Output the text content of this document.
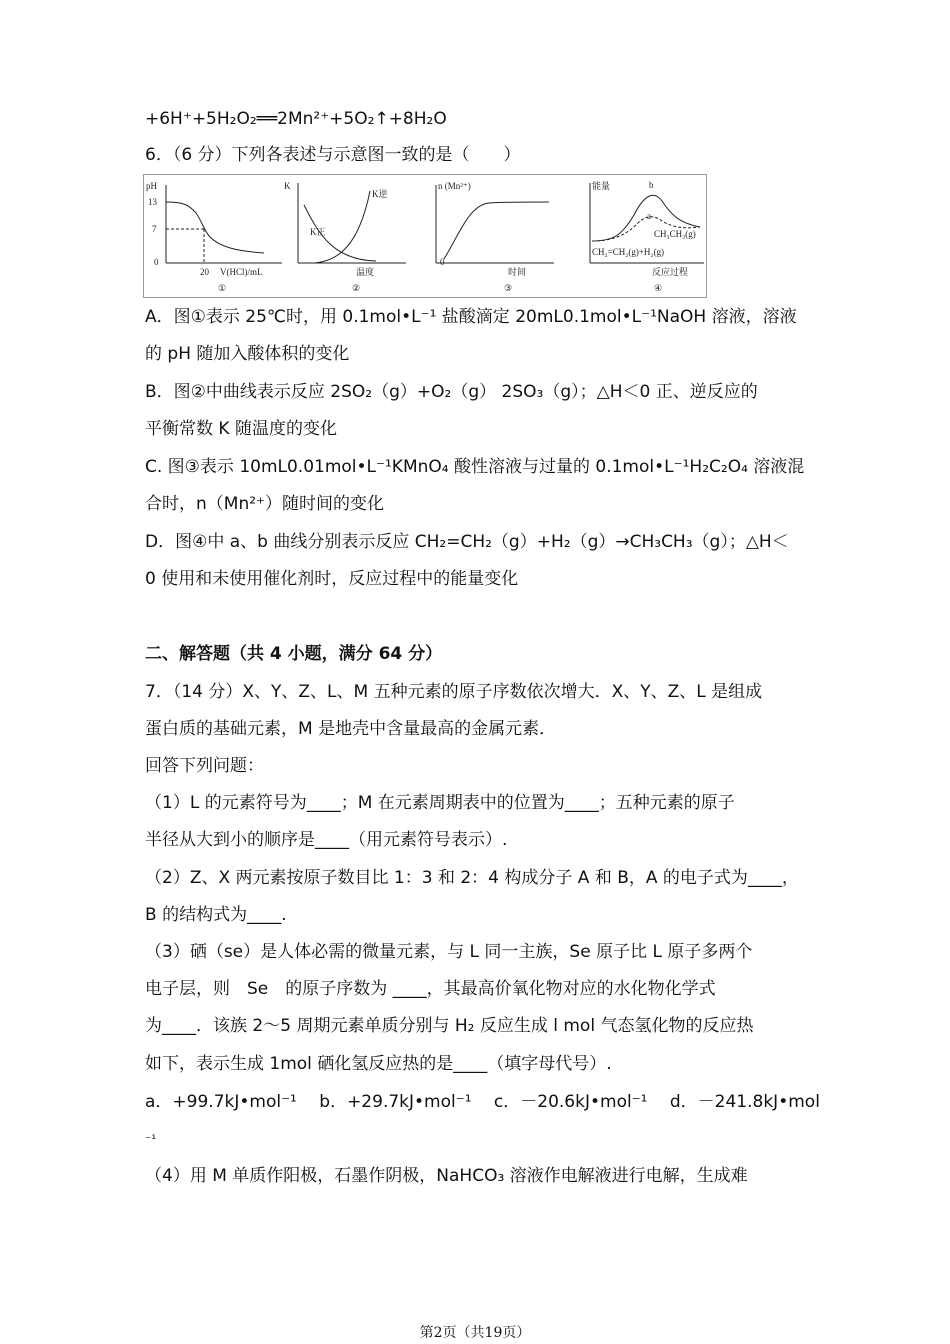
+6H⁺+5H₂O₂══2Mn²⁺+5O₂↑+8H₂O
6．（6 分）下列各表述与示意图一致的是（　　）
pH
13
7
0
20 V(HCl)/mL
①
K
K正
K逆
温度
②
n (Mn²⁺)
0
时间
③
能量	b
a
CH₃CH₃(g)
CH₂=CH₂(g)+H₂(g)
反应过程
④
A．图①表示 25℃时，用 0.1mol•L⁻¹ 盐酸滴定 20mL0.1mol•L⁻¹NaOH 溶液，溶液
的 pH 随加入酸体积的变化
B．图②中曲线表示反应 2SO₂（g）+O₂（g） 2SO₃（g）；△H＜0 正、逆反应的
平衡常数 K 随温度的变化
C. 图③表示 10mL0.01mol•L⁻¹KMnO₄ 酸性溶液与过量的 0.1mol•L⁻¹H₂C₂O₄ 溶液混
合时，n（Mn²⁺）随时间的变化
D．图④中 a、b 曲线分别表示反应 CH₂=CH₂（g）+H₂（g）→CH₃CH₃（g）；△H＜
0 使用和未使用催化剂时，反应过程中的能量变化
二、解答题（共 4 小题，满分 64 分）
7．（14 分）X、Y、Z、L、M 五种元素的原子序数依次增大．X、Y、Z、L 是组成
蛋白质的基础元素，M 是地壳中含量最高的金属元素．
回答下列问题：
（1）L 的元素符号为____；M 在元素周期表中的位置为____；五种元素的原子
半径从大到小的顺序是____（用元素符号表示）.
（2）Z、X 两元素按原子数目比 1：3 和 2：4 构成分子 A 和 B，A 的电子式为____，
B 的结构式为____.
（3）硒（se）是人体必需的微量元素，与 L 同一主族，Se 原子比 L 原子多两个
电子层，则　Se　的原子序数为 ____，其最高价氧化物对应的水化物化学式
为____．该族 2～5 周期元素单质分别与 H₂ 反应生成 l mol 气态氢化物的反应热
如下，表示生成 1mol 硒化氢反应热的是____（填字母代号）.
a．+99.7kJ•mol⁻¹　 b．+29.7kJ•mol⁻¹　 c．－20.6kJ•mol⁻¹　 d．－241.8kJ•mol
⁻¹
（4）用 M 单质作阳极，石墨作阴极，NaHCO₃ 溶液作电解液进行电解，生成难
第2页（共19页）
